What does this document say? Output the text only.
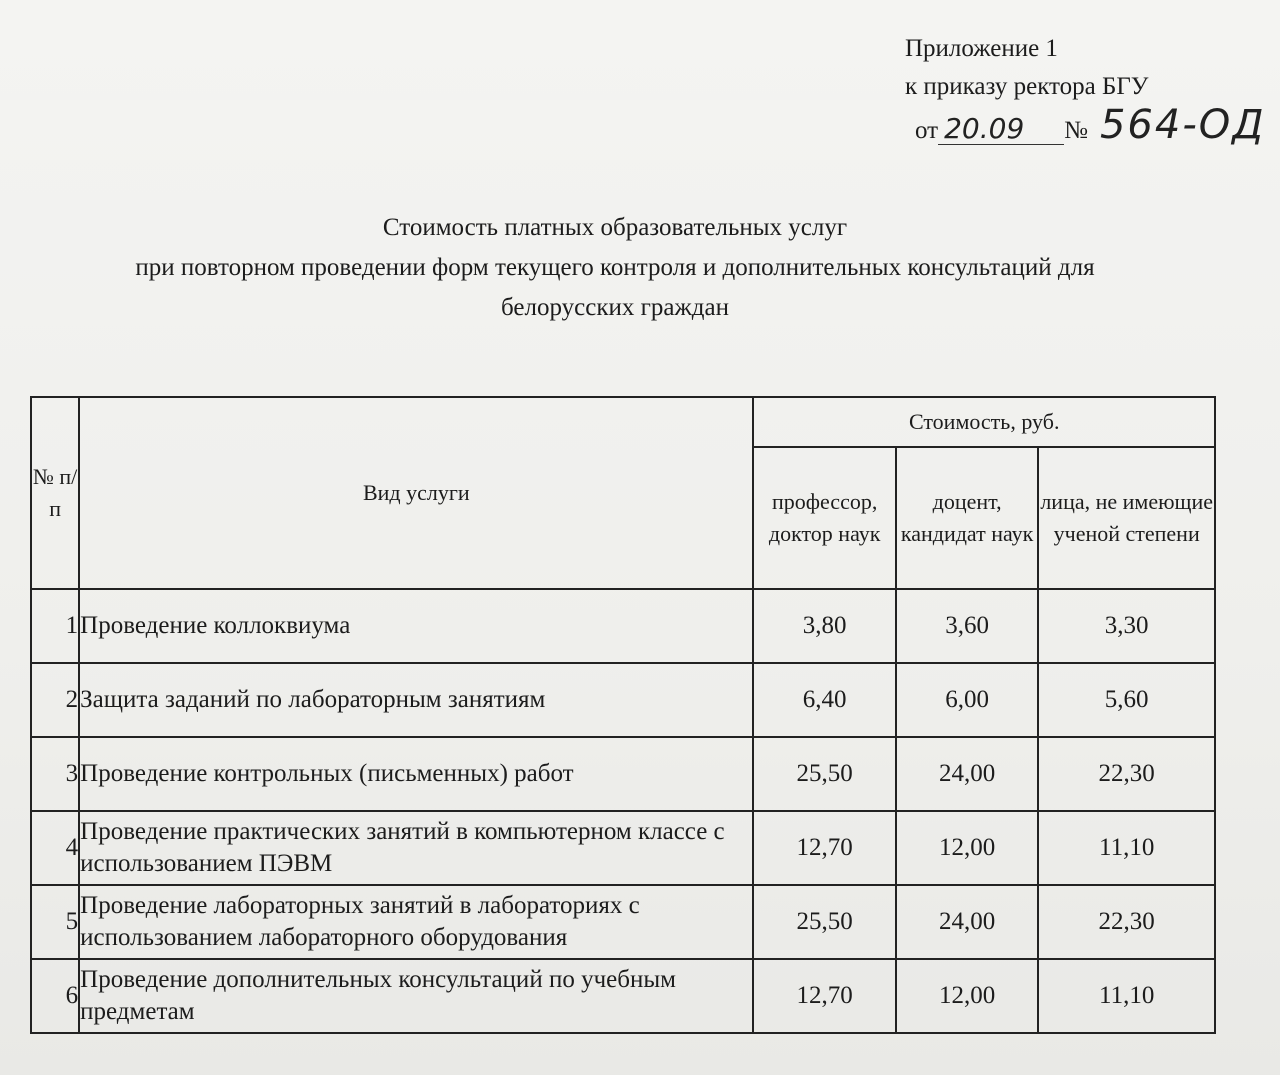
Приложение 1
к приказу ректора БГУ
от 20.09 № 564-ОД
Стоимость платных образовательных услуг
при повторном проведении форм текущего контроля и дополнительных консультаций для
белорусских граждан
№ п/п	Вид услуги	Стоимость, руб.		
		профессор, доктор наук	доцент, кандидат наук	лица, не имеющие ученой степени
1	Проведение коллоквиума	3,80	3,60	3,30
2	Защита заданий по лабораторным занятиям	6,40	6,00	5,60
3	Проведение контрольных (письменных) работ	25,50	24,00	22,30
4	Проведение практических занятий в компьютерном классе с использованием ПЭВМ	12,70	12,00	11,10
5	Проведение лабораторных занятий в лабораториях с использованием лабораторного оборудования	25,50	24,00	22,30
6	Проведение дополнительных консультаций по учебным предметам	12,70	12,00	11,10
